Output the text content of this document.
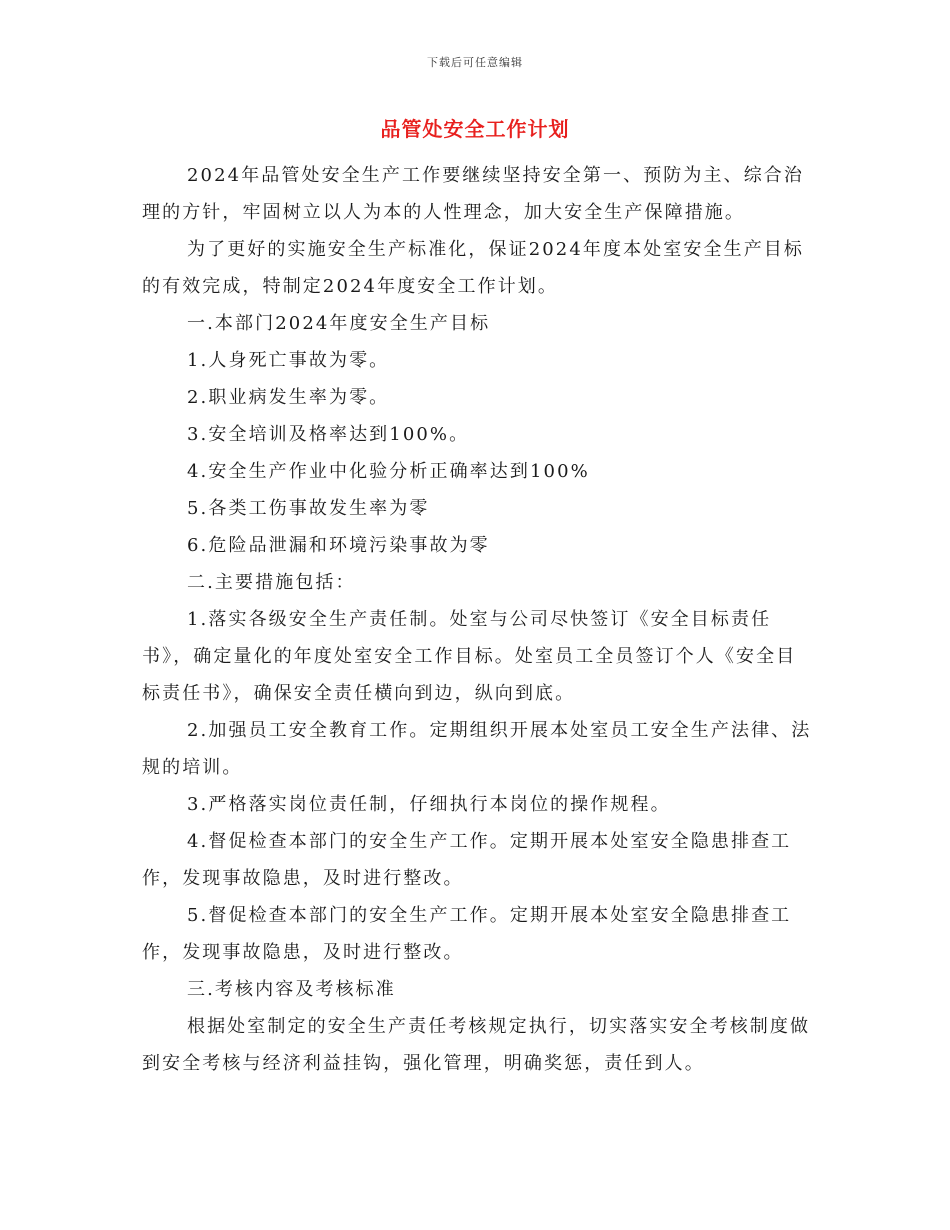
下载后可任意编辑
品管处安全工作计划

2024年品管处安全生产工作要继续坚持安全第一、预防为主、综合治理的方针，牢固树立以人为本的人性理念，加大安全生产保障措施。

为了更好的实施安全生产标准化，保证2024年度本处室安全生产目标的有效完成，特制定2024年度安全工作计划。

一.本部门2024年度安全生产目标

1.人身死亡事故为零。

2.职业病发生率为零。

3.安全培训及格率达到100%。

4.安全生产作业中化验分析正确率达到100%

5.各类工伤事故发生率为零

6.危险品泄漏和环境污染事故为零

二.主要措施包括：

1.落实各级安全生产责任制。处室与公司尽快签订《安全目标责任书》，确定量化的年度处室安全工作目标。处室员工全员签订个人《安全目标责任书》，确保安全责任横向到边，纵向到底。

2.加强员工安全教育工作。定期组织开展本处室员工安全生产法律、法规的培训。

3.严格落实岗位责任制，仔细执行本岗位的操作规程。

4.督促检查本部门的安全生产工作。定期开展本处室安全隐患排查工作，发现事故隐患，及时进行整改。

5.督促检查本部门的安全生产工作。定期开展本处室安全隐患排查工作，发现事故隐患，及时进行整改。

三.考核内容及考核标准

根据处室制定的安全生产责任考核规定执行，切实落实安全考核制度做到安全考核与经济利益挂钩，强化管理，明确奖惩，责任到人。
